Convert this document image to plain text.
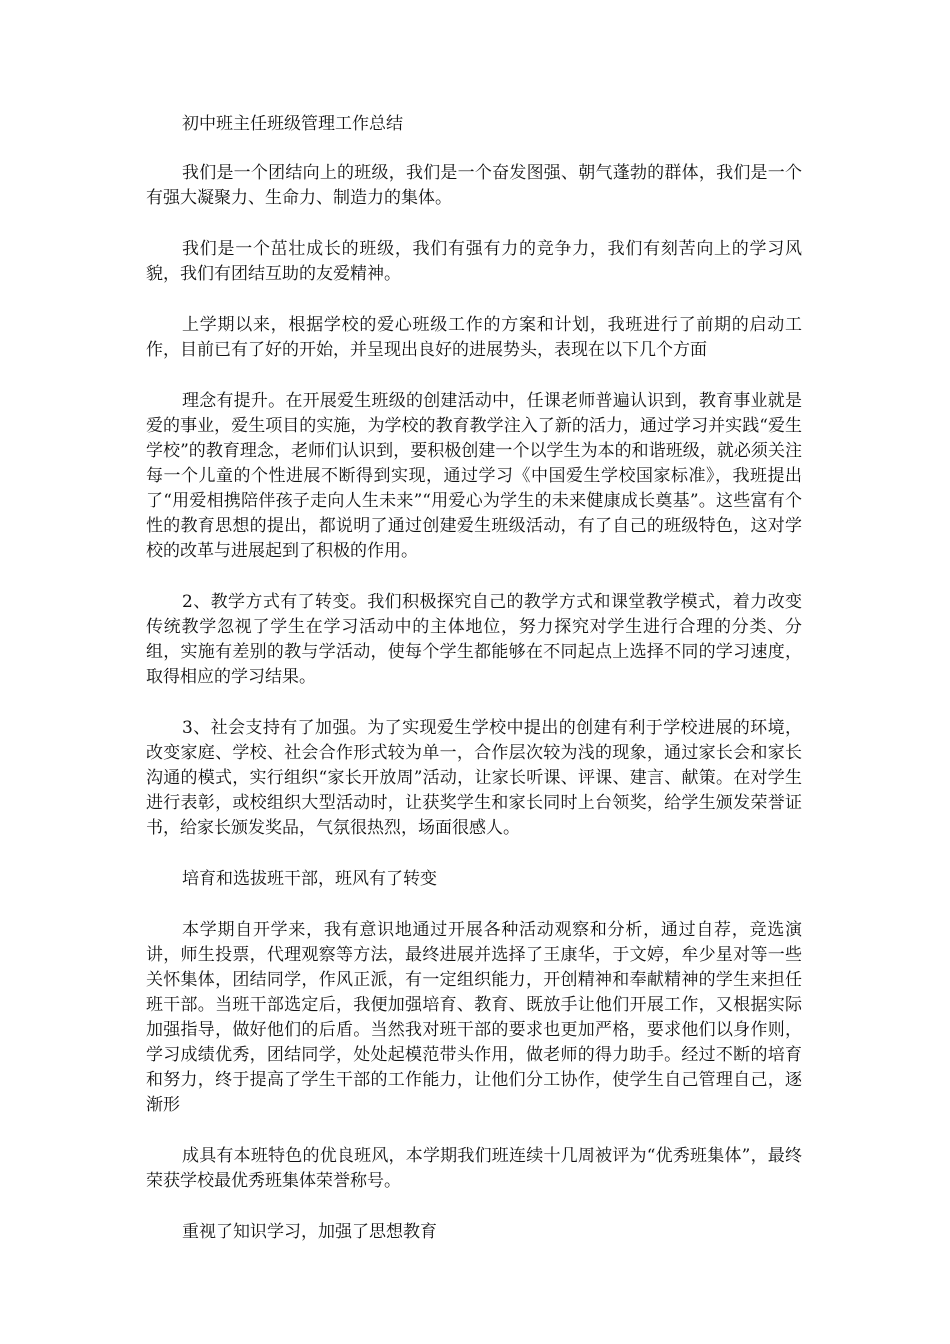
初中班主任班级管理工作总结

我们是一个团结向上的班级，我们是一个奋发图强、朝气蓬勃的群体，我们是一个有强大凝聚力、生命力、制造力的集体。

我们是一个茁壮成长的班级，我们有强有力的竞争力，我们有刻苦向上的学习风貌，我们有团结互助的友爱精神。

上学期以来，根据学校的爱心班级工作的方案和计划，我班进行了前期的启动工作，目前已有了好的开始，并呈现出良好的进展势头，表现在以下几个方面

理念有提升。在开展爱生班级的创建活动中，任课老师普遍认识到，教育事业就是爱的事业，爱生项目的实施，为学校的教育教学注入了新的活力，通过学习并实践“爱生学校”的教育理念，老师们认识到，要积极创建一个以学生为本的和谐班级，就必须关注每一个儿童的个性进展不断得到实现，通过学习《中国爱生学校国家标准》，我班提出了“用爱相携陪伴孩子走向人生未来”“用爱心为学生的未来健康成长奠基”。这些富有个性的教育思想的提出，都说明了通过创建爱生班级活动，有了自己的班级特色，这对学校的改革与进展起到了积极的作用。

2、教学方式有了转变。我们积极探究自己的教学方式和课堂教学模式，着力改变传统教学忽视了学生在学习活动中的主体地位，努力探究对学生进行合理的分类、分组，实施有差别的教与学活动，使每个学生都能够在不同起点上选择不同的学习速度，取得相应的学习结果。

3、社会支持有了加强。为了实现爱生学校中提出的创建有利于学校进展的环境，改变家庭、学校、社会合作形式较为单一，合作层次较为浅的现象，通过家长会和家长沟通的模式，实行组织“家长开放周”活动，让家长听课、评课、建言、献策。在对学生进行表彰，或校组织大型活动时，让获奖学生和家长同时上台领奖，给学生颁发荣誉证书，给家长颁发奖品，气氛很热烈，场面很感人。

培育和选拔班干部，班风有了转变

本学期自开学来，我有意识地通过开展各种活动观察和分析，通过自荐，竞选演讲，师生投票，代理观察等方法，最终进展并选择了王康华，于文婷，牟少星对等一些关怀集体，团结同学，作风正派，有一定组织能力，开创精神和奉献精神的学生来担任班干部。当班干部选定后，我便加强培育、教育、既放手让他们开展工作，又根据实际加强指导，做好他们的后盾。当然我对班干部的要求也更加严格，要求他们以身作则，学习成绩优秀，团结同学，处处起模范带头作用，做老师的得力助手。经过不断的培育和努力，终于提高了学生干部的工作能力，让他们分工协作，使学生自己管理自己，逐渐形

成具有本班特色的优良班风，本学期我们班连续十几周被评为“优秀班集体”，最终荣获学校最优秀班集体荣誉称号。

重视了知识学习，加强了思想教育
